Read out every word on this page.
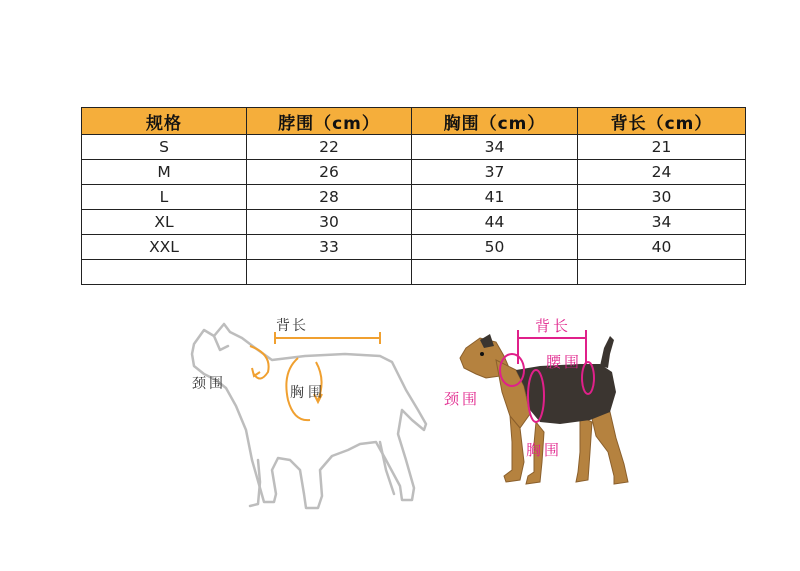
规格	脖围（cm）	胸围（cm）	背长（cm）
S	22	34	21
M	26	37	24
L	28	41	30
XL	30	44	34
XXL	33	50	40

背长
颈围
胸围
背长
腰围
颈围
胸围
